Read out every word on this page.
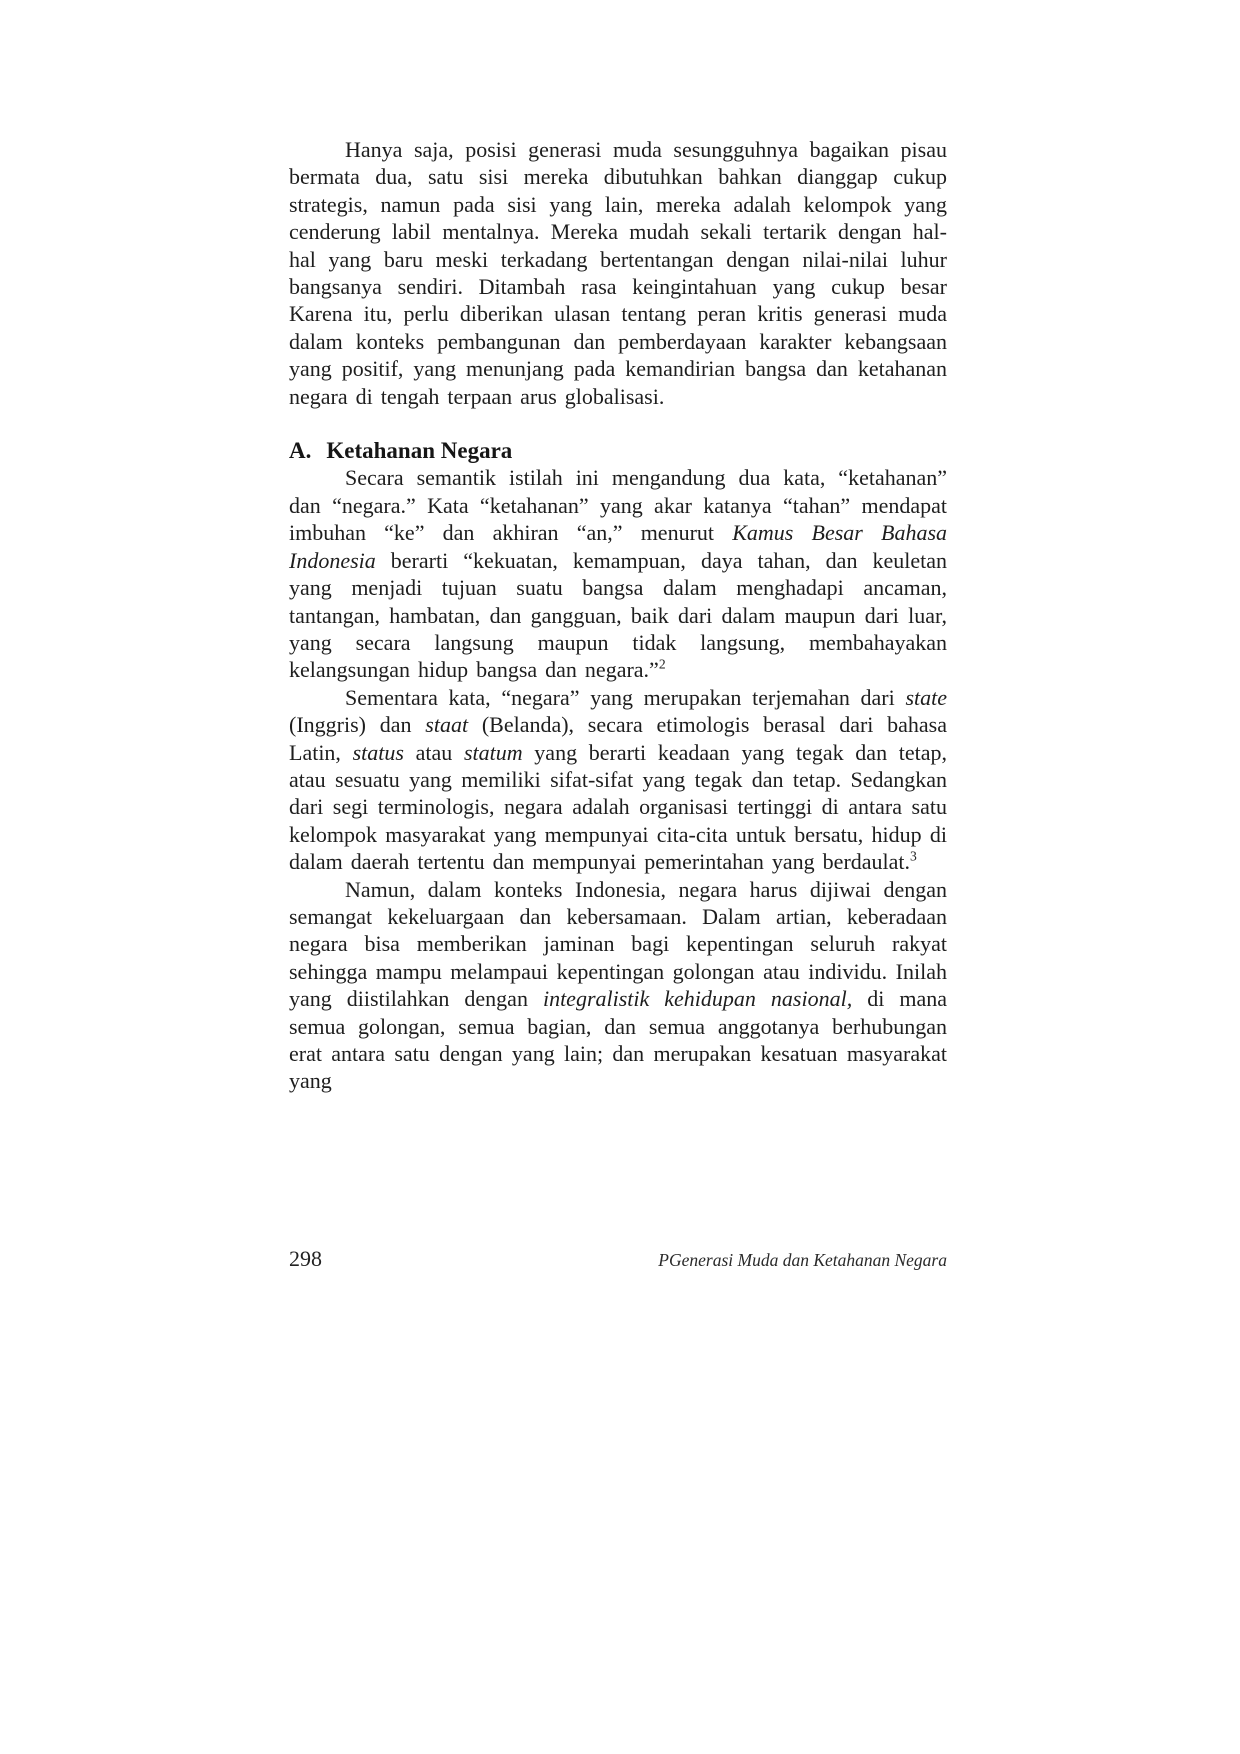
Hanya saja, posisi generasi muda sesungguhnya bagaikan pisau bermata dua, satu sisi mereka dibutuhkan bahkan dianggap cukup strategis, namun pada sisi yang lain, mereka adalah kelompok yang cenderung labil mentalnya. Mereka mudah sekali tertarik dengan hal-hal yang baru meski terkadang bertentangan dengan nilai-nilai luhur bangsanya sendiri. Ditambah rasa keingintahuan yang cukup besar Karena itu, perlu diberikan ulasan tentang peran kritis generasi muda dalam konteks pembangunan dan pemberdayaan karakter kebangsaan yang positif, yang menunjang pada kemandirian bangsa dan ketahanan negara di tengah terpaan arus globalisasi.

A. Ketahanan Negara

Secara semantik istilah ini mengandung dua kata, “ketahanan” dan “negara.” Kata “ketahanan” yang akar katanya “tahan” mendapat imbuhan “ke” dan akhiran “an,” menurut Kamus Besar Bahasa Indonesia berarti “kekuatan, kemampuan, daya tahan, dan keuletan yang menjadi tujuan suatu bangsa dalam menghadapi ancaman, tantangan, hambatan, dan gangguan, baik dari dalam maupun dari luar, yang secara langsung maupun tidak langsung, membahayakan kelangsungan hidup bangsa dan negara.”$^2$

Sementara kata, “negara” yang merupakan terjemahan dari state (Inggris) dan staat (Belanda), secara etimologis berasal dari bahasa Latin, status atau statum yang berarti keadaan yang tegak dan tetap, atau sesuatu yang memiliki sifat-sifat yang tegak dan tetap. Sedangkan dari segi terminologis, negara adalah organisasi tertinggi di antara satu kelompok masyarakat yang mempunyai cita-cita untuk bersatu, hidup di dalam daerah tertentu dan mempunyai pemerintahan yang berdaulat.$^3$

Namun, dalam konteks Indonesia, negara harus dijiwai dengan semangat kekeluargaan dan kebersamaan. Dalam artian, keberadaan negara bisa memberikan jaminan bagi kepentingan seluruh rakyat sehingga mampu melampaui kepentingan golongan atau individu. Inilah yang diistilahkan dengan integralistik kehidupan nasional, di mana semua golongan, semua bagian, dan semua anggotanya berhubungan erat antara satu dengan yang lain; dan merupakan kesatuan masyarakat yang

298	PGenerasi Muda dan Ketahanan Negara
